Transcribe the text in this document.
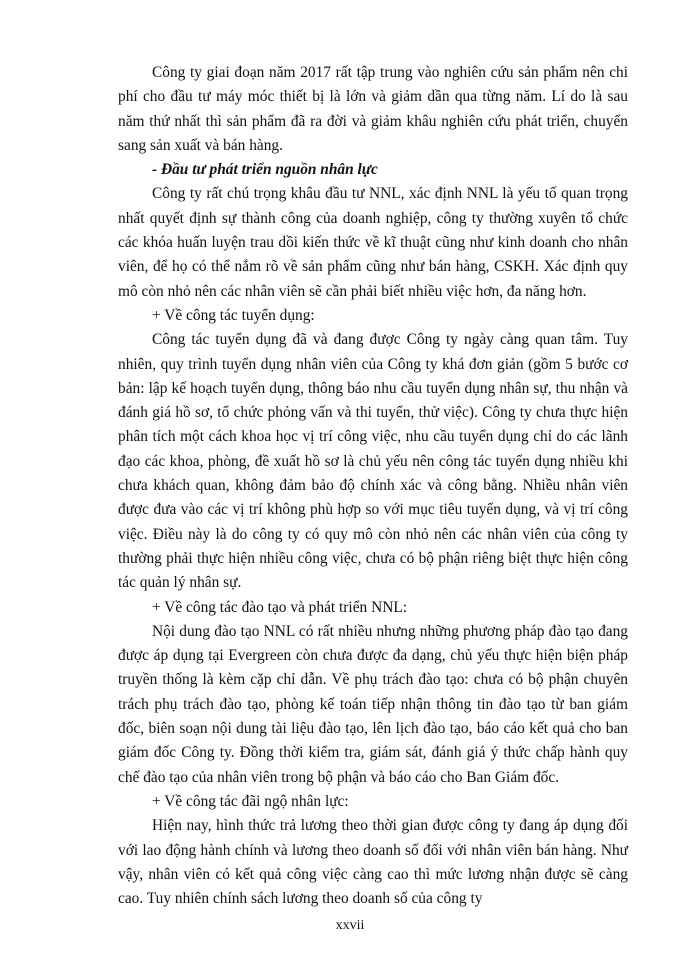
Công ty giai đoạn năm 2017 rất tập trung vào nghiên cứu sản phẩm nên chi phí cho đầu tư máy móc thiết bị là lớn và giảm dần qua từng năm. Lí do là sau năm thứ nhất thì sản phẩm đã ra đời và giảm khâu nghiên cứu phát triển, chuyển sang sản xuất và bán hàng.

- Đầu tư phát triển nguồn nhân lực

Công ty rất chú trọng khâu đầu tư NNL, xác định NNL là yếu tố quan trọng nhất quyết định sự thành công của doanh nghiệp, công ty thường xuyên tổ chức các khóa huấn luyện trau dồi kiến thức về kĩ thuật cũng như kinh doanh cho nhân viên, để họ có thể nắm rõ về sản phẩm cũng như bán hàng, CSKH. Xác định quy mô còn nhỏ nên các nhân viên sẽ cần phải biết nhiều việc hơn, đa năng hơn.

+ Về công tác tuyển dụng:

Công tác tuyển dụng đã và đang được Công ty ngày càng quan tâm. Tuy nhiên, quy trình tuyển dụng nhân viên của Công ty khá đơn giản (gồm 5 bước cơ bản: lập kế hoạch tuyển dụng, thông báo nhu cầu tuyển dụng nhân sự, thu nhận và đánh giá hồ sơ, tổ chức phỏng vấn và thi tuyển, thử việc). Công ty chưa thực hiện phân tích một cách khoa học vị trí công việc, nhu cầu tuyển dụng chỉ do các lãnh đạo các khoa, phòng, đề xuất hồ sơ là chủ yếu nên công tác tuyển dụng nhiều khi chưa khách quan, không đảm bảo độ chính xác và công bằng. Nhiều nhân viên được đưa vào các vị trí không phù hợp so với mục tiêu tuyển dụng, và vị trí công việc. Điều này là do công ty có quy mô còn nhỏ nên các nhân viên của công ty thường phải thực hiện nhiều công việc, chưa có bộ phận riêng biệt thực hiện công tác quản lý nhân sự.

+ Về công tác đào tạo và phát triển NNL:

Nội dung đào tạo NNL có rất nhiều nhưng những phương pháp đào tạo đang được áp dụng tại Evergreen còn chưa được đa dạng, chủ yếu thực hiện biện pháp truyền thống là kèm cặp chỉ dẫn. Về phụ trách đào tạo: chưa có bộ phận chuyên trách phụ trách đào tạo, phòng kế toán tiếp nhận thông tin đào tạo từ ban giám đốc, biên soạn nội dung tài liệu đào tạo, lên lịch đào tạo, báo cáo kết quả cho ban giám đốc Công ty. Đồng thời kiểm tra, giám sát, đánh giá ý thức chấp hành quy chế đào tạo của nhân viên trong bộ phận và báo cáo cho Ban Giám đốc.

+ Về công tác đãi ngộ nhân lực:

Hiện nay, hình thức trả lương theo thời gian được công ty đang áp dụng đối với lao động hành chính và lương theo doanh số đối với nhân viên bán hàng. Như vậy, nhân viên có kết quả công việc càng cao thì mức lương nhận được sẽ càng cao. Tuy nhiên chính sách lương theo doanh số của công ty

xxvii
